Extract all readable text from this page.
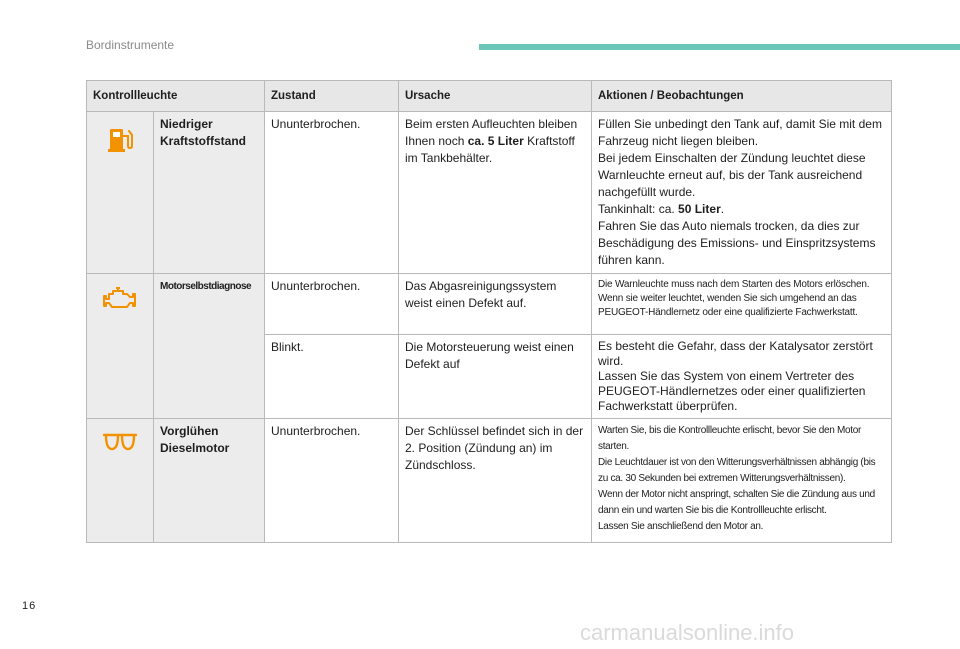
Bordinstrumente
Kontrollleuchte		Zustand	Ursache	Aktionen / Beobachtungen

Niedriger
Kraftstoffstand	Ununterbrochen.	Beim ersten Aufleuchten bleiben Ihnen noch ca. 5 Liter Kraftstoff im Tankbehälter.	Füllen Sie unbedingt den Tank auf, damit Sie mit dem Fahrzeug nicht liegen bleiben.
Bei jedem Einschalten der Zündung leuchtet diese Warnleuchte erneut auf, bis der Tank ausreichend nachgefüllt wurde.
Tankinhalt: ca. 50 Liter.
Fahren Sie das Auto niemals trocken, da dies zur Beschädigung des Emissions- und Einspritzsystems führen kann.

	Motorselbstdiagnose	Ununterbrochen.	Das Abgasreinigungssystem weist einen Defekt auf.	Die Warnleuchte muss nach dem Starten des Motors erlöschen.
Wenn sie weiter leuchtet, wenden Sie sich umgehend an das PEUGEOT-Händlernetz oder eine qualifizierte Fachwerkstatt.

		Blinkt.	Die Motorsteuerung weist einen Defekt auf	Es besteht die Gefahr, dass der Katalysator zerstört wird.
Lassen Sie das System von einem Vertreter des PEUGEOT-Händlernetzes oder einer qualifizierten Fachwerkstatt überprüfen.

Vorglühen
Dieselmotor	Ununterbrochen.	Der Schlüssel befindet sich in der 2. Position (Zündung an) im Zündschloss.	Warten Sie, bis die Kontrollleuchte erlischt, bevor Sie den Motor starten.
Die Leuchtdauer ist von den Witterungsverhältnissen abhängig (bis zu ca. 30 Sekunden bei extremen Witterungsverhältnissen).
Wenn der Motor nicht anspringt, schalten Sie die Zündung aus und dann ein und warten Sie bis die Kontrollleuchte erlischt.
Lassen Sie anschließend den Motor an.
16
carmanualsonline.info
